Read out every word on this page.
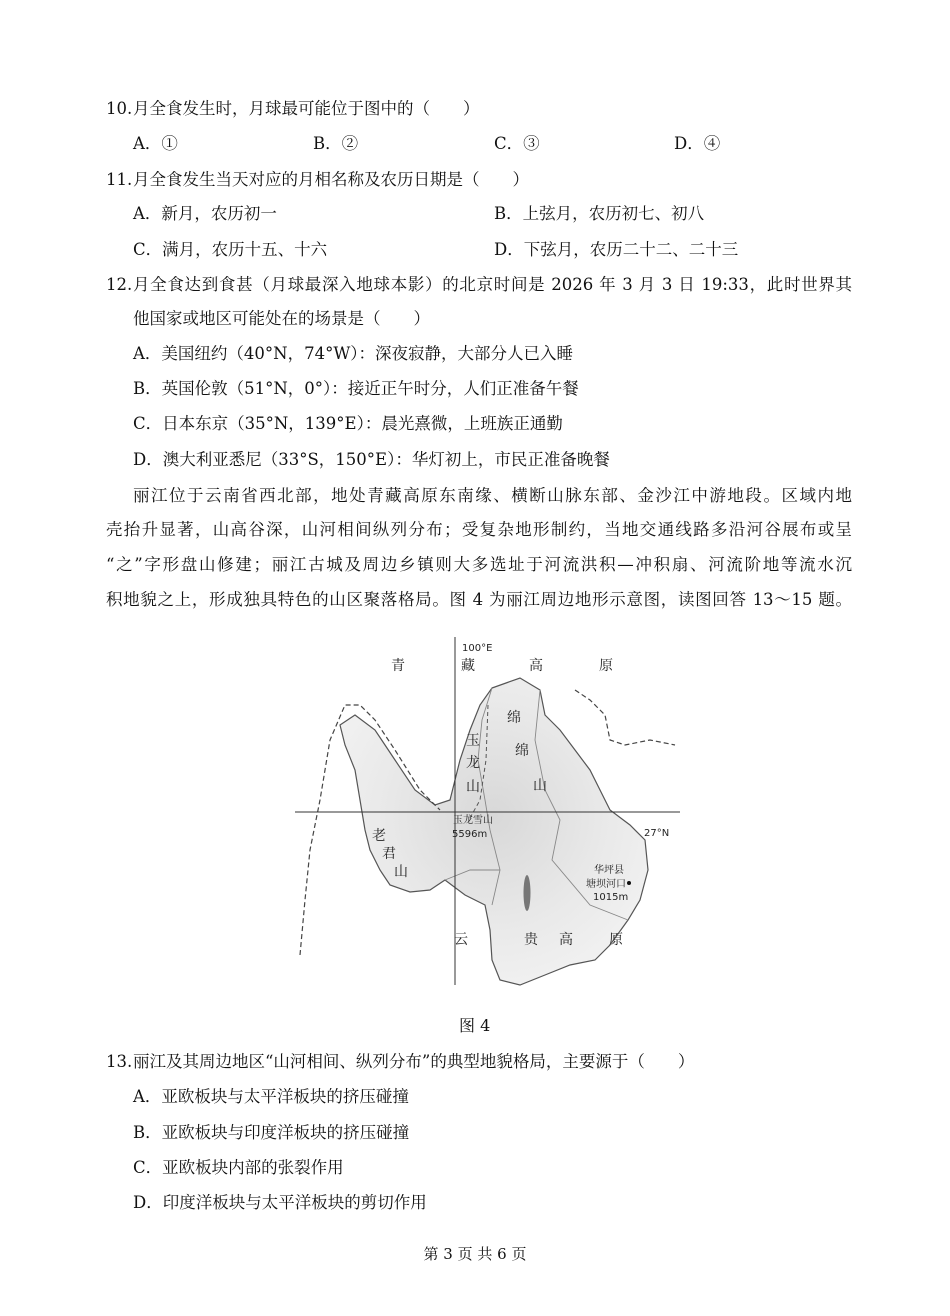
10. 月全食发生时，月球最可能位于图中的（　　）
A．①	B．②	C．③	D．④
11. 月全食发生当天对应的月相名称及农历日期是（　　）
A．新月，农历初一	B．上弦月，农历初七、初八
C．满月，农历十五、十六	D．下弦月，农历二十二、二十三
12. 月全食达到食甚（月球最深入地球本影）的北京时间是 2026 年 3 月 3 日 19:33，此时世界其
他国家或地区可能处在的场景是（　　）
A．美国纽约（40°N，74°W）：深夜寂静，大部分人已入睡
B．英国伦敦（51°N，0°）：接近正午时分，人们正准备午餐
C．日本东京（35°N，139°E）：晨光熹微，上班族正通勤
D．澳大利亚悉尼（33°S，150°E）：华灯初上，市民正准备晚餐
丽江位于云南省西北部，地处青藏高原东南缘、横断山脉东部、金沙江中游地段。区域内地
壳抬升显著，山高谷深，山河相间纵列分布；受复杂地形制约，当地交通线路多沿河谷展布或呈
“之”字形盘山修建；丽江古城及周边乡镇则大多选址于河流洪积—冲积扇、河流阶地等流水沉
积地貌之上，形成独具特色的山区聚落格局。图 4 为丽江周边地形示意图，读图回答 13～15 题。
100°E
27°N
青	藏	高	原
绵
绵
山
玉
龙
山
玉龙雪山
5596m
老
君
山	华坪县
塘坝河口
1015m
云	贵 高	原
图 4
13. 丽江及其周边地区“山河相间、纵列分布”的典型地貌格局，主要源于（　　）
A．亚欧板块与太平洋板块的挤压碰撞
B．亚欧板块与印度洋板块的挤压碰撞
C．亚欧板块内部的张裂作用
D．印度洋板块与太平洋板块的剪切作用
第 3 页 共 6 页
